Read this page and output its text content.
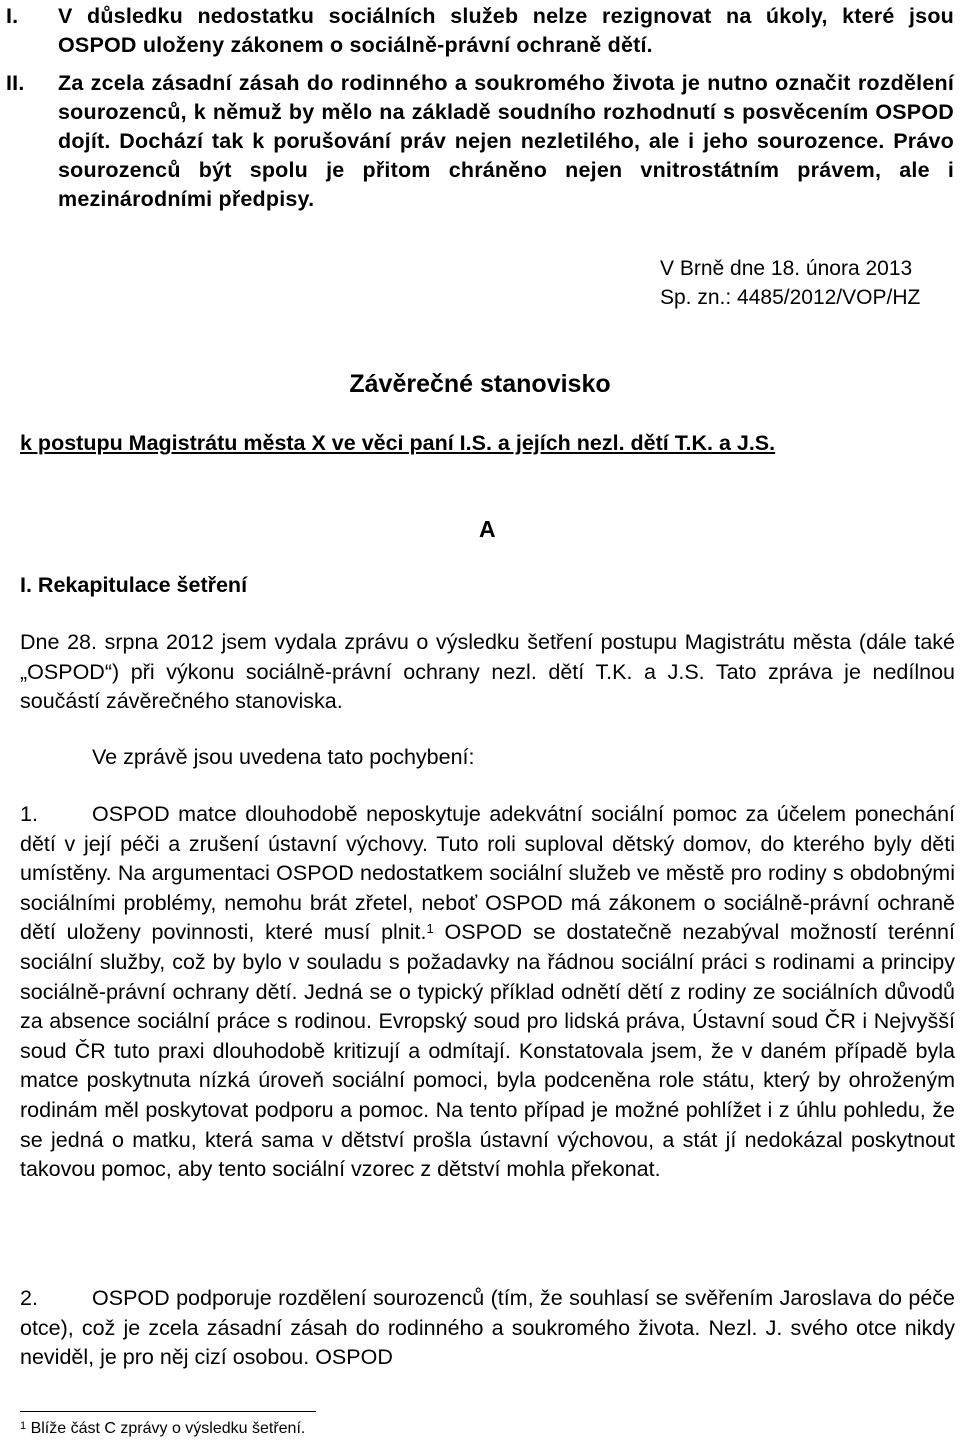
I. V důsledku nedostatku sociálních služeb nelze rezignovat na úkoly, které jsou OSPOD uloženy zákonem o sociálně-právní ochraně dětí.
II. Za zcela zásadní zásah do rodinného a soukromého života je nutno označit rozdělení sourozenců, k němuž by mělo na základě soudního rozhodnutí s posvěcením OSPOD dojít. Dochází tak k porušování práv nejen nezletilého, ale i jeho sourozence. Právo sourozenců být spolu je přitom chráněno nejen vnitrostátním právem, ale i mezinárodními předpisy.
V Brně dne 18. února 2013
Sp. zn.: 4485/2012/VOP/HZ
Závěrečné stanovisko
k postupu Magistrátu města X ve věci paní I.S. a jejích nezl. dětí T.K. a J.S.
A
I. Rekapitulace šetření
Dne 28. srpna 2012 jsem vydala zprávu o výsledku šetření postupu Magistrátu města (dále také „OSPOD“) při výkonu sociálně-právní ochrany nezl. dětí T.K. a J.S. Tato zpráva je nedílnou součástí závěrečného stanoviska.
Ve zprávě jsou uvedena tato pochybení:
1.	OSPOD matce dlouhodobě neposkytuje adekvátní sociální pomoc za účelem ponechání dětí v její péči a zrušení ústavní výchovy. Tuto roli suploval dětský domov, do kterého byly děti umístěny. Na argumentaci OSPOD nedostatkem sociální služeb ve městě pro rodiny s obdobnými sociálními problémy, nemohu brát zřetel, neboť OSPOD má zákonem o sociálně-právní ochraně dětí uloženy povinnosti, které musí plnit.$^1$ OSPOD se dostatečně nezabýval možností terénní sociální služby, což by bylo v souladu s požadavky na řádnou sociální práci s rodinami a principy sociálně-právní ochrany dětí. Jedná se o typický příklad odnětí dětí z rodiny ze sociálních důvodů za absence sociální práce s rodinou. Evropský soud pro lidská práva, Ústavní soud ČR i Nejvyšší soud ČR tuto praxi dlouhodobě kritizují a odmítají. Konstatovala jsem, že v daném případě byla matce poskytnuta nízká úroveň sociální pomoci, byla podceněna role státu, který by ohroženým rodinám měl poskytovat podporu a pomoc. Na tento případ je možné pohlížet i z úhlu pohledu, že se jedná o matku, která sama v dětství prošla ústavní výchovou, a stát jí nedokázal poskytnout takovou pomoc, aby tento sociální vzorec z dětství mohla překonat.
2.	OSPOD podporuje rozdělení sourozenců (tím, že souhlasí se svěřením Jaroslava do péče otce), což je zcela zásadní zásah do rodinného a soukromého života. Nezl. J. svého otce nikdy neviděl, je pro něj cizí osobou. OSPOD
$^1$ Blíže část C zprávy o výsledku šetření.
